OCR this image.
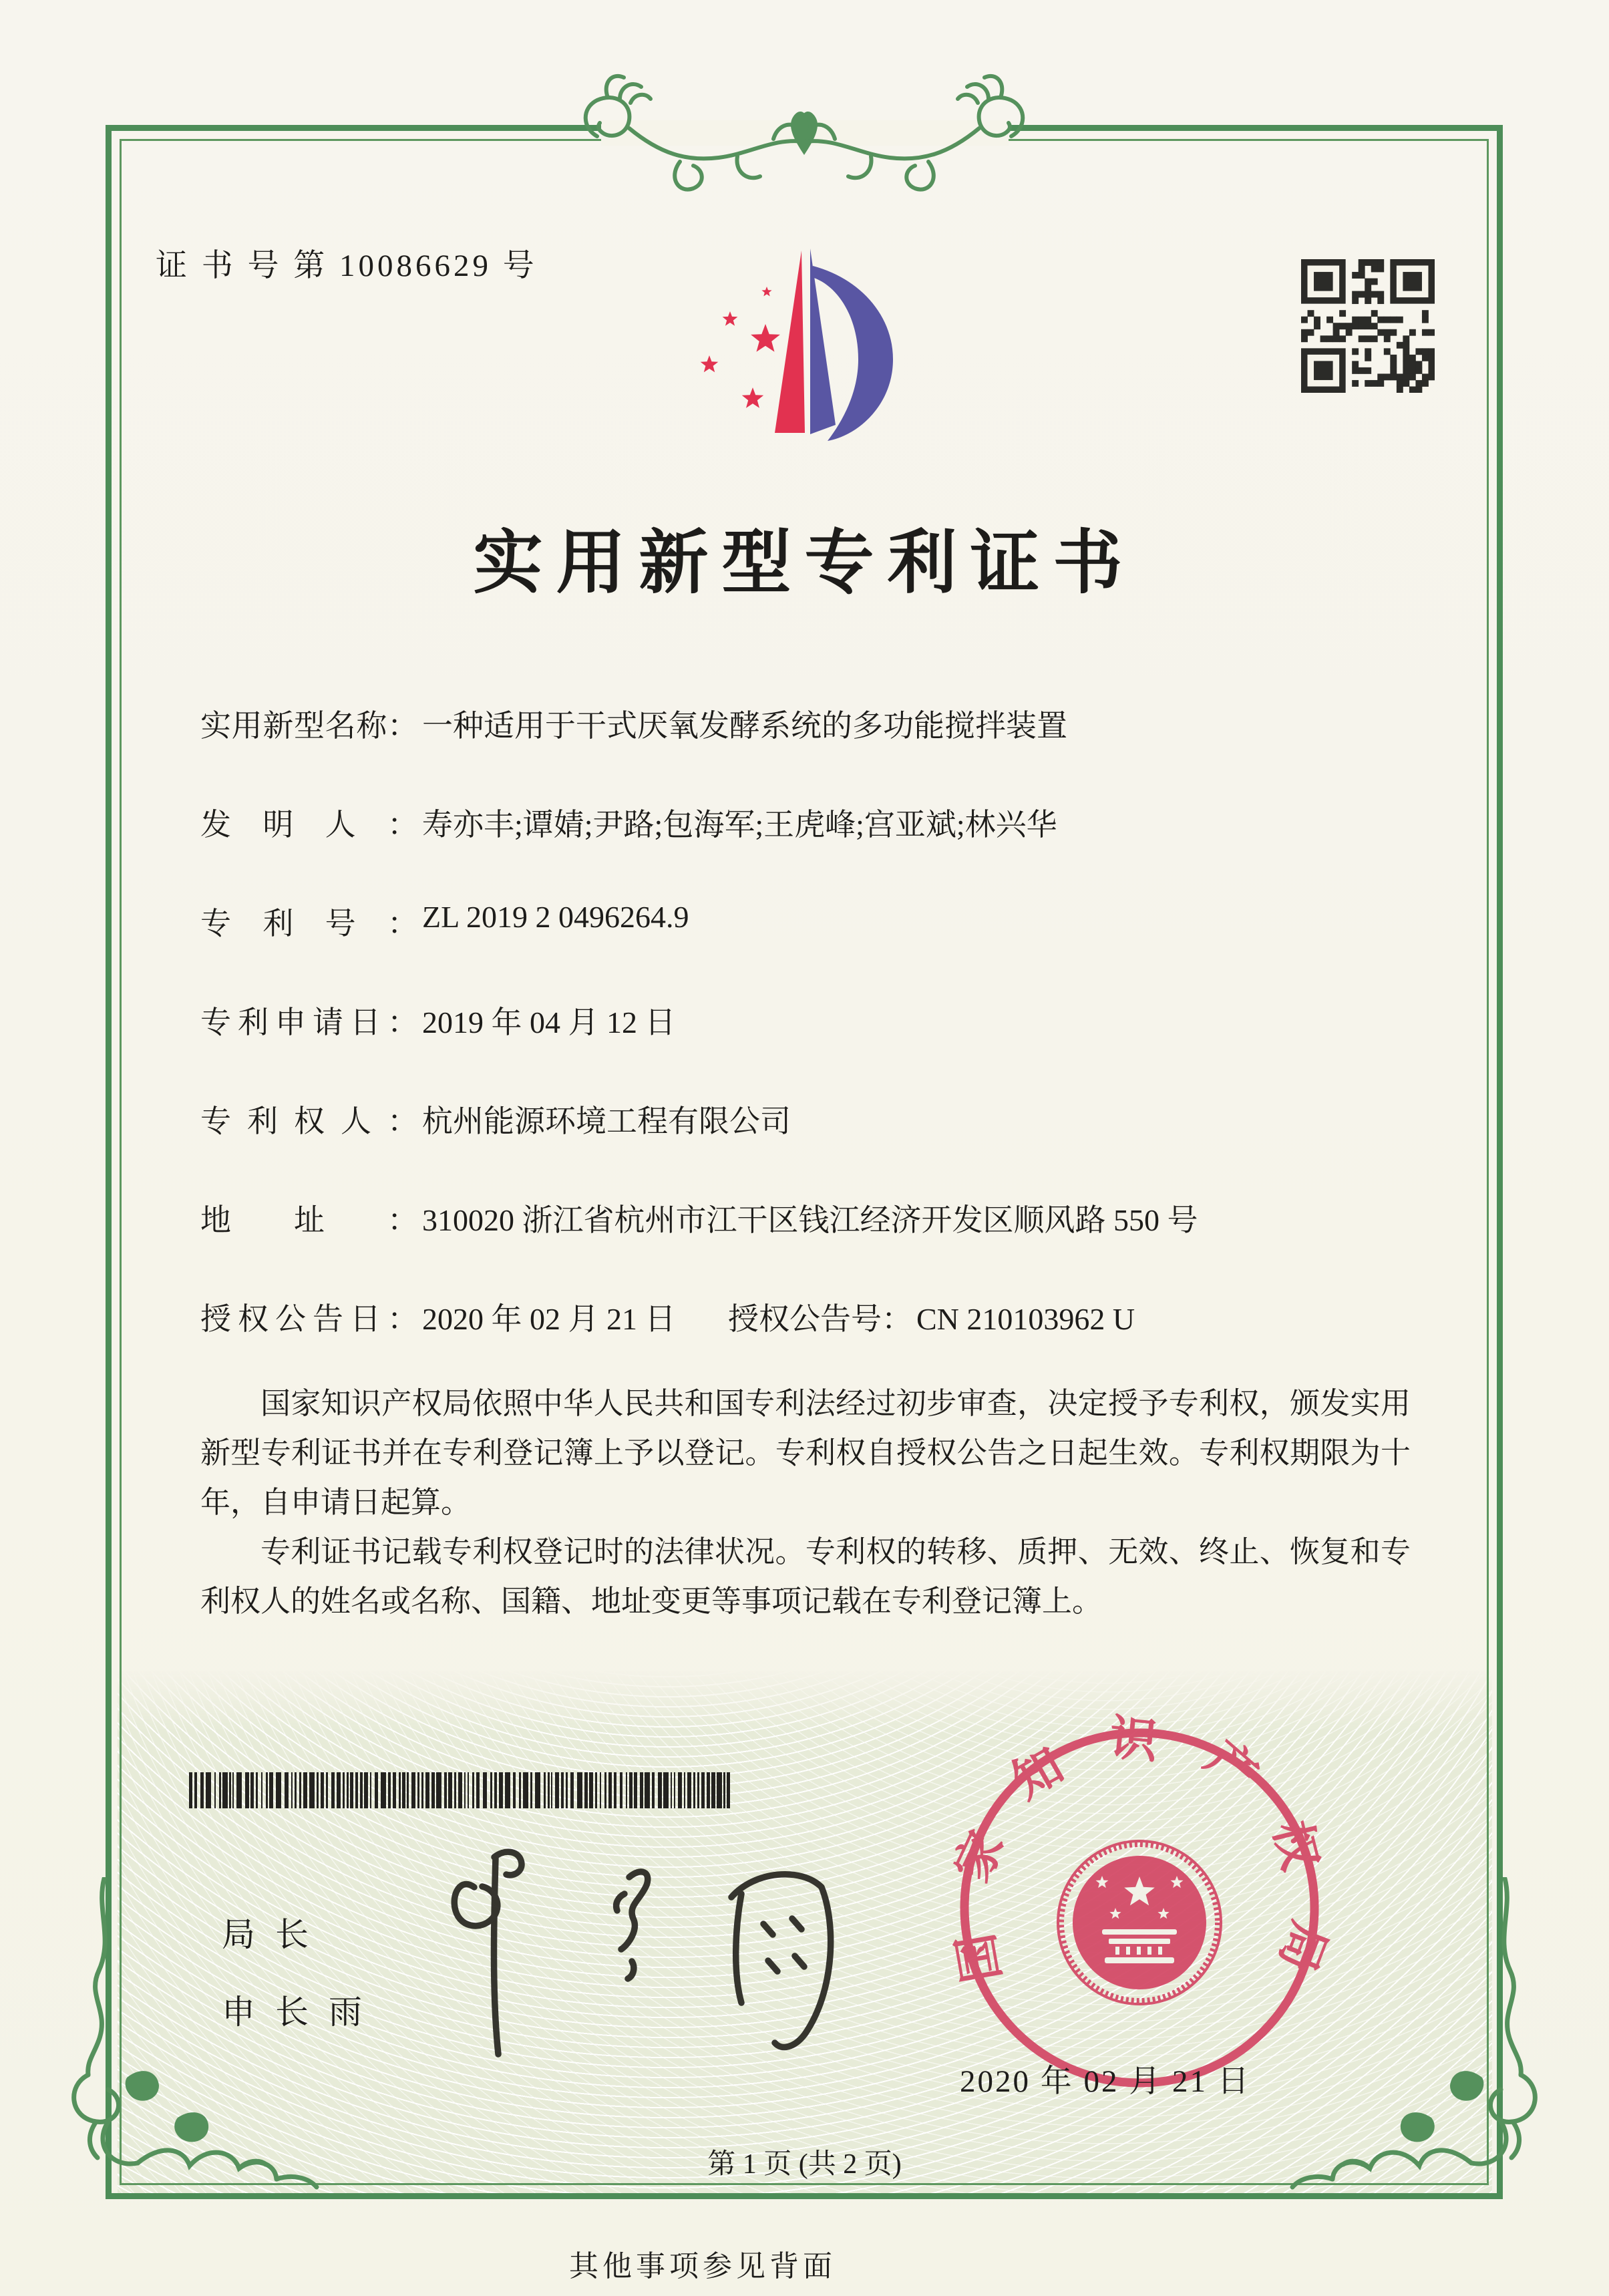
证 书 号 第 10086629 号
实用新型专利证书
实用新型名称： 一种适用于干式厌氧发酵系统的多功能搅拌装置
发明人： 寿亦丰;谭婧;尹路;包海军;王虎峰;宫亚斌;林兴华
专利号： ZL 2019 2 0496264.9
专利申请日： 2019 年 04 月 12 日
专利权人： 杭州能源环境工程有限公司
地址： 310020 浙江省杭州市江干区钱江经济开发区顺风路 550 号
授权公告日： 2020 年 02 月 21 日 授权公告号： CN 210103962 U

国家知识产权局依照中华人民共和国专利法经过初步审查，决定授予专利权，颁发实用新型专利证书并在专利登记簿上予以登记。专利权自授权公告之日起生效。专利权期限为十年，自申请日起算。

专利证书记载专利权登记时的法律状况。专利权的转移、质押、无效、终止、恢复和专利权人的姓名或名称、国籍、地址变更等事项记载在专利登记簿上。

局长
申长雨
国家知识产权局
2020 年 02 月 21 日
第 1 页 (共 2 页)
其他事项参见背面
